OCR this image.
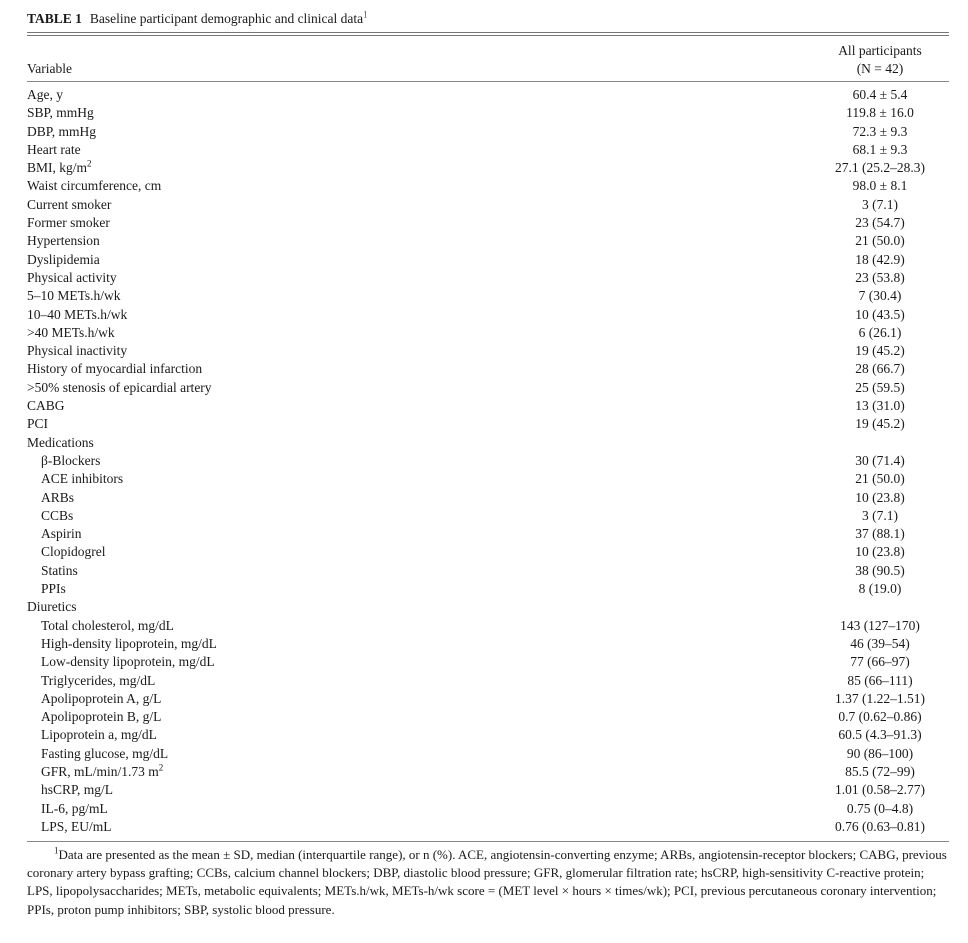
TABLE 1 Baseline participant demographic and clinical data$^1$
Variable
All participants
(N = 42)
Age, y	60.4 ± 5.4
SBP, mmHg	119.8 ± 16.0
DBP, mmHg	72.3 ± 9.3
Heart rate	68.1 ± 9.3
BMI, $kg/m^2$	27.1 (25.2–28.3)
Waist circumference, cm	98.0 ± 8.1
Current smoker	3 (7.1)
Former smoker	23 (54.7)
Hypertension	21 (50.0)
Dyslipidemia	18 (42.9)
Physical activity	23 (53.8)
5–10 METs.h/wk	7 (30.4)
10–40 METs.h/wk	10 (43.5)
>40 METs.h/wk	6 (26.1)
Physical inactivity	19 (45.2)
History of myocardial infarction	28 (66.7)
>50% stenosis of epicardial artery	25 (59.5)
CABG	13 (31.0)
PCI	19 (45.2)
Medications
β-Blockers	30 (71.4)
ACE inhibitors	21 (50.0)
ARBs	10 (23.8)
CCBs	3 (7.1)
Aspirin	37 (88.1)
Clopidogrel	10 (23.8)
Statins	38 (90.5)
PPIs	8 (19.0)
Diuretics
Total cholesterol, mg/dL	143 (127–170)
High-density lipoprotein, mg/dL	46 (39–54)
Low-density lipoprotein, mg/dL	77 (66–97)
Triglycerides, mg/dL	85 (66–111)
Apolipoprotein A, g/L	1.37 (1.22–1.51)
Apolipoprotein B, g/L	0.7 (0.62–0.86)
Lipoprotein a, mg/dL	60.5 (4.3–91.3)
Fasting glucose, mg/dL	90 (86–100)
GFR, mL/min/1.73 $m^2$	85.5 (72–99)
hsCRP, mg/L	1.01 (0.58–2.77)
IL-6, pg/mL	0.75 (0–4.8)
LPS, EU/mL	0.76 (0.63–0.81)
$^1$Data are presented as the mean ± SD, median (interquartile range), or n (%). ACE, angiotensin-converting enzyme; ARBs, angiotensin-receptor blockers; CABG, previous coronary artery bypass grafting; CCBs, calcium channel blockers; DBP, diastolic blood pressure; GFR, glomerular filtration rate; hsCRP, high-sensitivity C-reactive protein; LPS, lipopolysaccharides; METs, metabolic equivalents; METs.h/wk, METs-h/wk score = (MET level × hours × times/wk); PCI, previous percutaneous coronary intervention; PPIs, proton pump inhibitors; SBP, systolic blood pressure.
